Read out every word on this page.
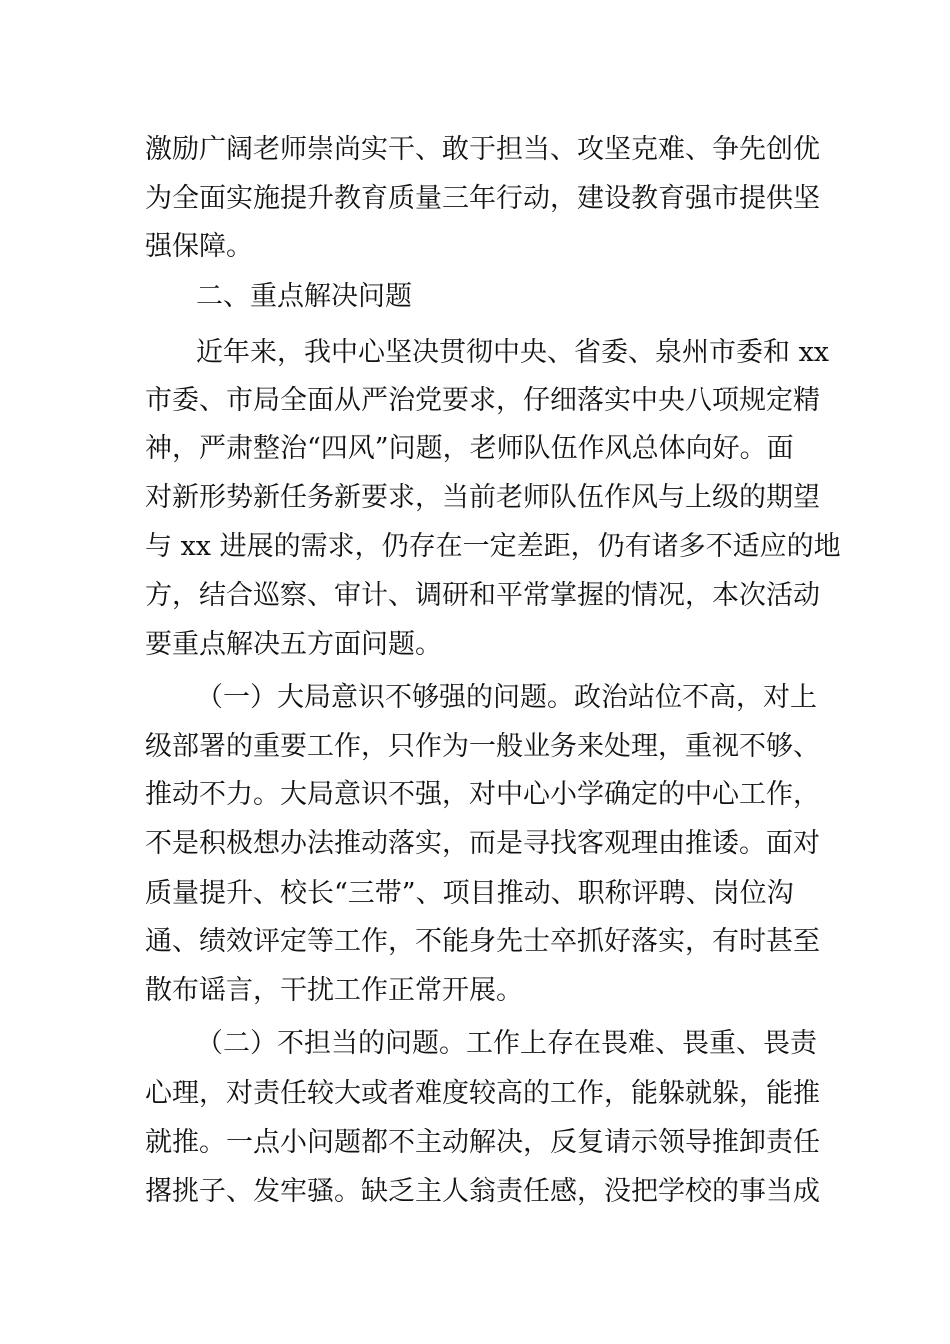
激励广阔老师崇尚实干、敢于担当、攻坚克难、争先创优
为全面实施提升教育质量三年行动，建设教育强市提供坚
强保障。
二、重点解决问题
近年来，我中心坚决贯彻中央、省委、泉州市委和 xx
市委、市局全面从严治党要求，仔细落实中央八项规定精
神，严肃整治“四风”问题，老师队伍作风总体向好。面
对新形势新任务新要求，当前老师队伍作风与上级的期望
与 xx 进展的需求，仍存在一定差距，仍有诸多不适应的地
方，结合巡察、审计、调研和平常掌握的情况，本次活动
要重点解决五方面问题。
（一）大局意识不够强的问题。政治站位不高，对上
级部署的重要工作，只作为一般业务来处理，重视不够、
推动不力。大局意识不强，对中心小学确定的中心工作，
不是积极想办法推动落实，而是寻找客观理由推诿。面对
质量提升、校长“三带”、项目推动、职称评聘、岗位沟
通、绩效评定等工作，不能身先士卒抓好落实，有时甚至
散布谣言，干扰工作正常开展。
（二）不担当的问题。工作上存在畏难、畏重、畏责
心理，对责任较大或者难度较高的工作，能躲就躲，能推
就推。一点小问题都不主动解决，反复请示领导推卸责任
撂挑子、发牢骚。缺乏主人翁责任感，没把学校的事当成
